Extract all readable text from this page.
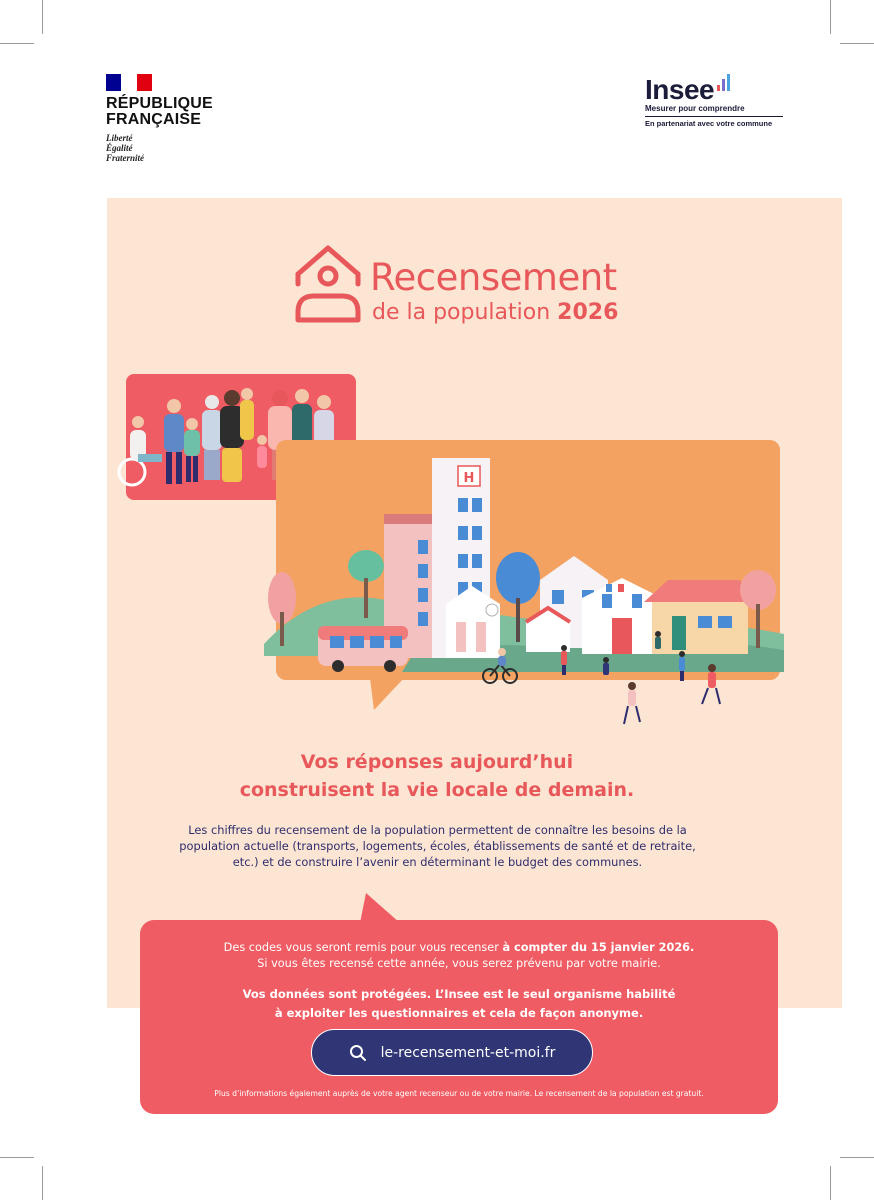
RÉPUBLIQUE
FRANÇAISE
Liberté
Égalité
Fraternité
Insee
Mesurer pour comprendre
En partenariat avec votre commune
Recensement
de la population 2026
H
Vos réponses aujourd’hui
construisent la vie locale de demain.
Les chiffres du recensement de la population permettent de connaître les besoins de la
population actuelle (transports, logements, écoles, établissements de santé et de retraite,
etc.) et de construire l’avenir en déterminant le budget des communes.
Des codes vous seront remis pour vous recenser à compter du 15 janvier 2026.
Si vous êtes recensé cette année, vous serez prévenu par votre mairie.
Vos données sont protégées. L’Insee est le seul organisme habilité
à exploiter les questionnaires et cela de façon anonyme.
le-recensement-et-moi.fr
Plus d’informations également auprès de votre agent recenseur ou de votre mairie. Le recensement de la population est gratuit.
